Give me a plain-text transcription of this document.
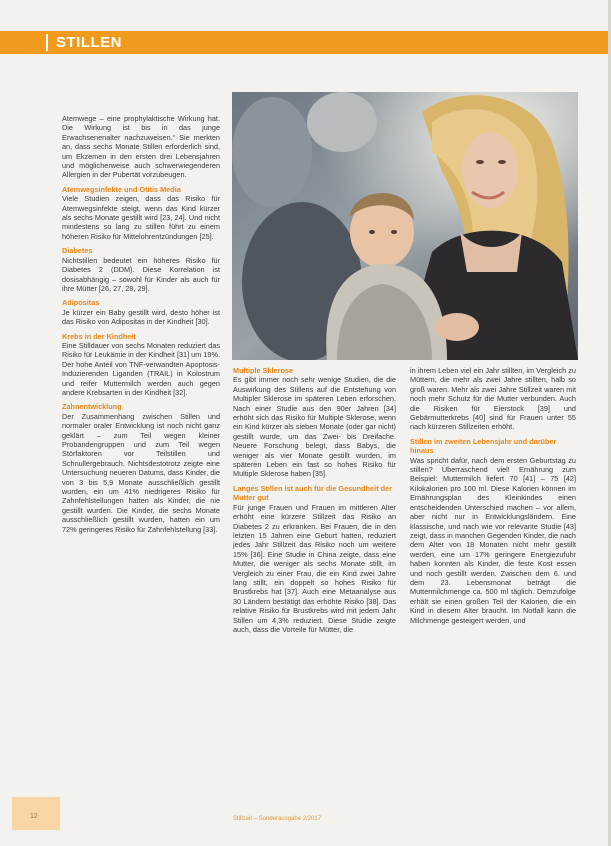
STILLEN

Atemwege – eine prophylaktische Wirkung hat. Die Wirkung ist bis in das junge Erwachsenenalter nachzuweisen.“ Sie merkten an, dass sechs Monate Stillen erforderlich sind, um Ekzemen in den ersten drei Lebensjahren und möglicherweise auch schwerwiegenderen Allergien in der Pubertät vorzubeugen.

Atemwegsinfekte und Otitis Media

Viele Studien zeigen, dass das Risiko für Atemwegsinfekte steigt, wenn das Kind kürzer als sechs Monate gestillt wird [23, 24]. Und nicht mindestens so lang zu stillen führt zu einem höheren Risiko für Mittelohrentzündungen [25].

Diabetes

Nichtstillen bedeutet ein höheres Risiko für Diabetes 2 (DDM). Diese Korrelation ist dosisabhängig – sowohl für Kinder als auch für ihre Mütter [26, 27, 28, 29].

Adipositas

Je kürzer ein Baby gestillt wird, desto höher ist das Risiko von Adipositas in der Kindheit [30].

Krebs in der Kindheit

Eine Stilldauer von sechs Monaten reduziert das Risiko für Leukämie in der Kindheit [31] um 19%. Der hohe Anteil von TNF-verwandten Apoptosis-Induzierenden Liganden (TRAIL) in Kolostrum und reifer Muttermilch werden auch gegen andere Krebsarten in der Kindheit [32].

Zahnentwicklung

Der Zusammenhang zwischen Stillen und normaler oraler Entwicklung ist noch nicht ganz geklärt – zum Teil wegen kleiner Probandengruppen und zum Teil wegen Störfaktoren vor Teilstillen und Schnullergebrauch. Nichtsdestotrotz zeigte eine Untersuchung neueren Datums, dass Kinder, die von 3 bis 5,9 Monate ausschließlich gestillt wurden, ein um 41% niedrigeres Risiko für Zahnfehlstellungen hatten als Kinder, die nie gestillt wurden. Die Kinder, die sechs Monate ausschließlich gestillt wurden, hatten ein um 72% geringeres Risiko für Zahnfehlstellung [33].

Multiple Sklerose

Es gibt immer noch sehr wenige Studien, die die Auswirkung des Stillens auf die Entstehung von Multipler Sklerose im späteren Leben erforschen. Nach einer Studie aus den 90er Jahren [34] erhöht sich das Risiko für Multiple Sklerose, wenn ein Kind kürzer als sieben Monate (oder gar nicht) gestillt wurde, um das Zwei- bis Dreifache. Neuere Forschung belegt, dass Babys, die weniger als vier Monate gestillt wurden, im späteren Leben ein fast so hohes Risiko für Multiple Sklerose haben [35].

Langes Stillen ist auch für die Gesundheit der Mutter gut

Für junge Frauen und Frauen im mittleren Alter erhöht eine kürzere Stillzeit das Risiko an Diabetes 2 zu erkranken. Bei Frauen, die in den letzten 15 Jahren eine Geburt hatten, reduziert jedes Jahr Stillzeit das Risiko noch um weitere 15% [36]. Eine Studie in China zeigte, dass eine Mutter, die weniger als sechs Monate stillt, im Vergleich zu einer Frau, die ein Kind zwei Jahre lang stillt, ein doppelt so hohes Risiko für Brustkrebs hat [37]. Auch eine Metaanalyse aus 30 Ländern bestätigt das erhöhte Risiko [38]. Das relative Risiko für Brustkrebs wird mit jedem Jahr Stillen um 4,3% reduziert. Diese Studie zeigte auch, dass die Vorteile für Mütter, die

in ihrem Leben viel ein Jahr stillten, im Vergleich zu Müttern, die mehr als zwei Jahre stillten, halb so groß waren. Mehr als zwei Jahre Stillzeit waren mit noch mehr Schutz für die Mutter verbunden. Auch die Risiken für Eierstock [39] und Gebärmutterkrebs [40] sind für Frauen unter 55 nach kürzeren Stillzeiten erhöht.

Stillen im zweiten Lebensjahr und darüber hinaus

Was spricht dafür, nach dem ersten Geburtstag zu stillen? Überraschend viel! Ernährung zum Beispiel: Muttermilch liefert 70 [41] – 75 [42] Kilokalorien pro 100 ml. Diese Kalorien können im Ernährungsplan des Kleinkindes einen entscheidenden Unterschied machen – vor allem, aber nicht nur in Entwicklungsländern. Eine klassische, und nach wie vor relevante Studie [43] zeigt, dass in manchen Gegenden Kinder, die nach dem Alter von 18 Monaten nicht mehr gestillt werden, eine um 17% geringere Energiezufuhr haben konnten als Kinder, die feste Kost essen und noch gestillt werden. Zwischen dem 6. und dem 23. Lebensmonat beträgt die Muttermilchmenge ca. 500 ml täglich. Demzufolge erhält sie einen großen Teil der Kalorien, die ein Kind in diesem Alter braucht. Im Notfall kann die Milchmenge gesteigert werden, und

12	Stillzeit – Sonderausgabe 2/2017
